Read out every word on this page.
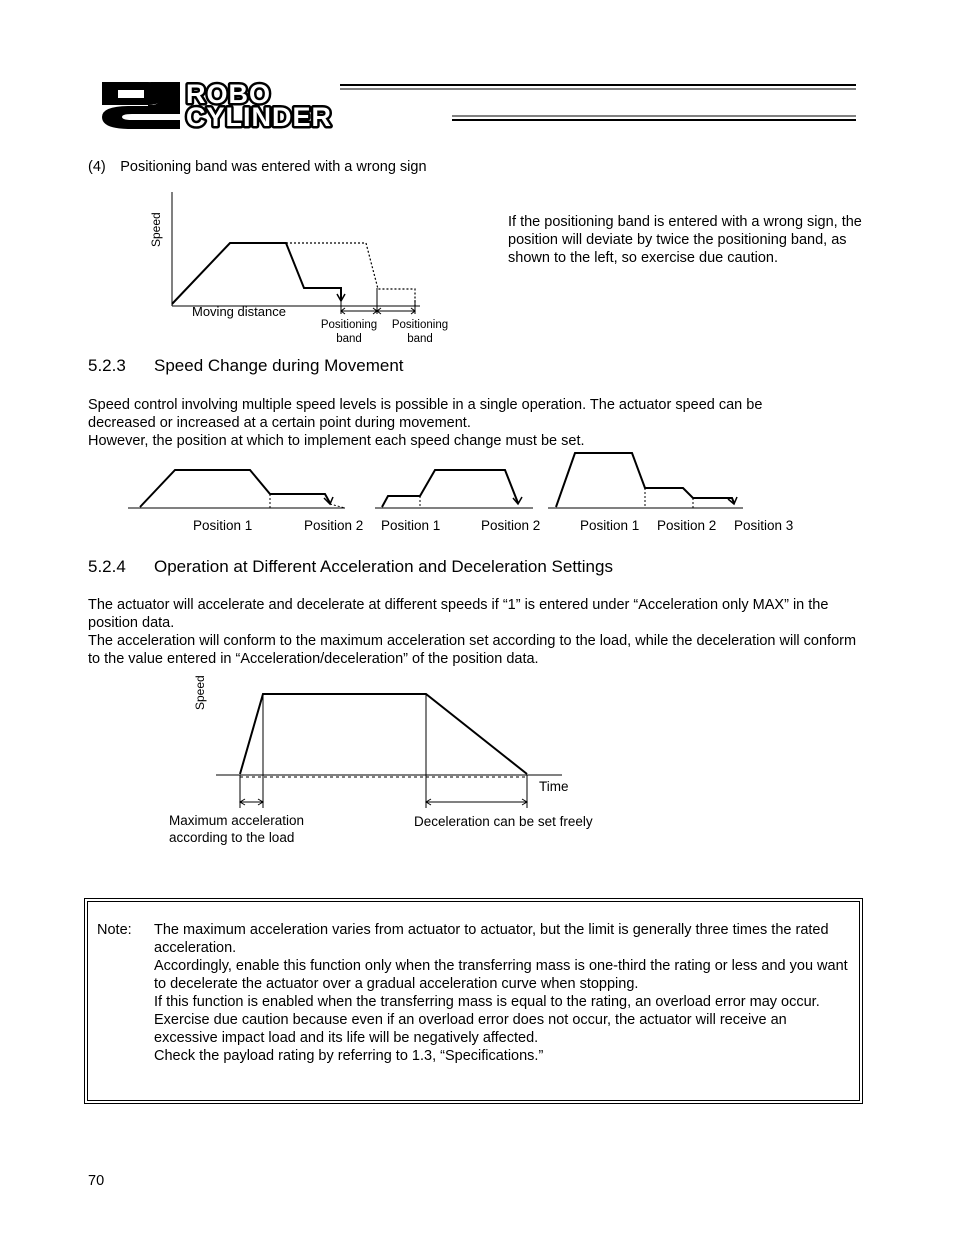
ROBO
CYLINDER
(4) Positioning band was entered with a wrong sign
Speed
Moving distance
Positioning band
Positioning band
If the positioning band is entered with a wrong sign, the position will deviate by twice the positioning band, as shown to the left, so exercise due caution.
5.2.3 Speed Change during Movement
Speed control involving multiple speed levels is possible in a single operation. The actuator speed can be decreased or increased at a certain point during movement.
However, the position at which to implement each speed change must be set.
Position 1	Position 2 Position 1	Position 2	Position 1 Position 2 Position 3
5.2.4 Operation at Different Acceleration and Deceleration Settings
The actuator will accelerate and decelerate at different speeds if “1” is entered under “Acceleration only MAX” in the position data.
The acceleration will conform to the maximum acceleration set according to the load, while the deceleration will conform to the value entered in “Acceleration/deceleration” of the position data.
Speed
Time
Maximum acceleration
according to the load
Deceleration can be set freely
Note: The maximum acceleration varies from actuator to actuator, but the limit is generally three times the rated acceleration.
Accordingly, enable this function only when the transferring mass is one-third the rating or less and you want to decelerate the actuator over a gradual acceleration curve when stopping.
If this function is enabled when the transferring mass is equal to the rating, an overload error may occur.
Exercise due caution because even if an overload error does not occur, the actuator will receive an excessive impact load and its life will be negatively affected.
Check the payload rating by referring to 1.3, “Specifications.”
70
